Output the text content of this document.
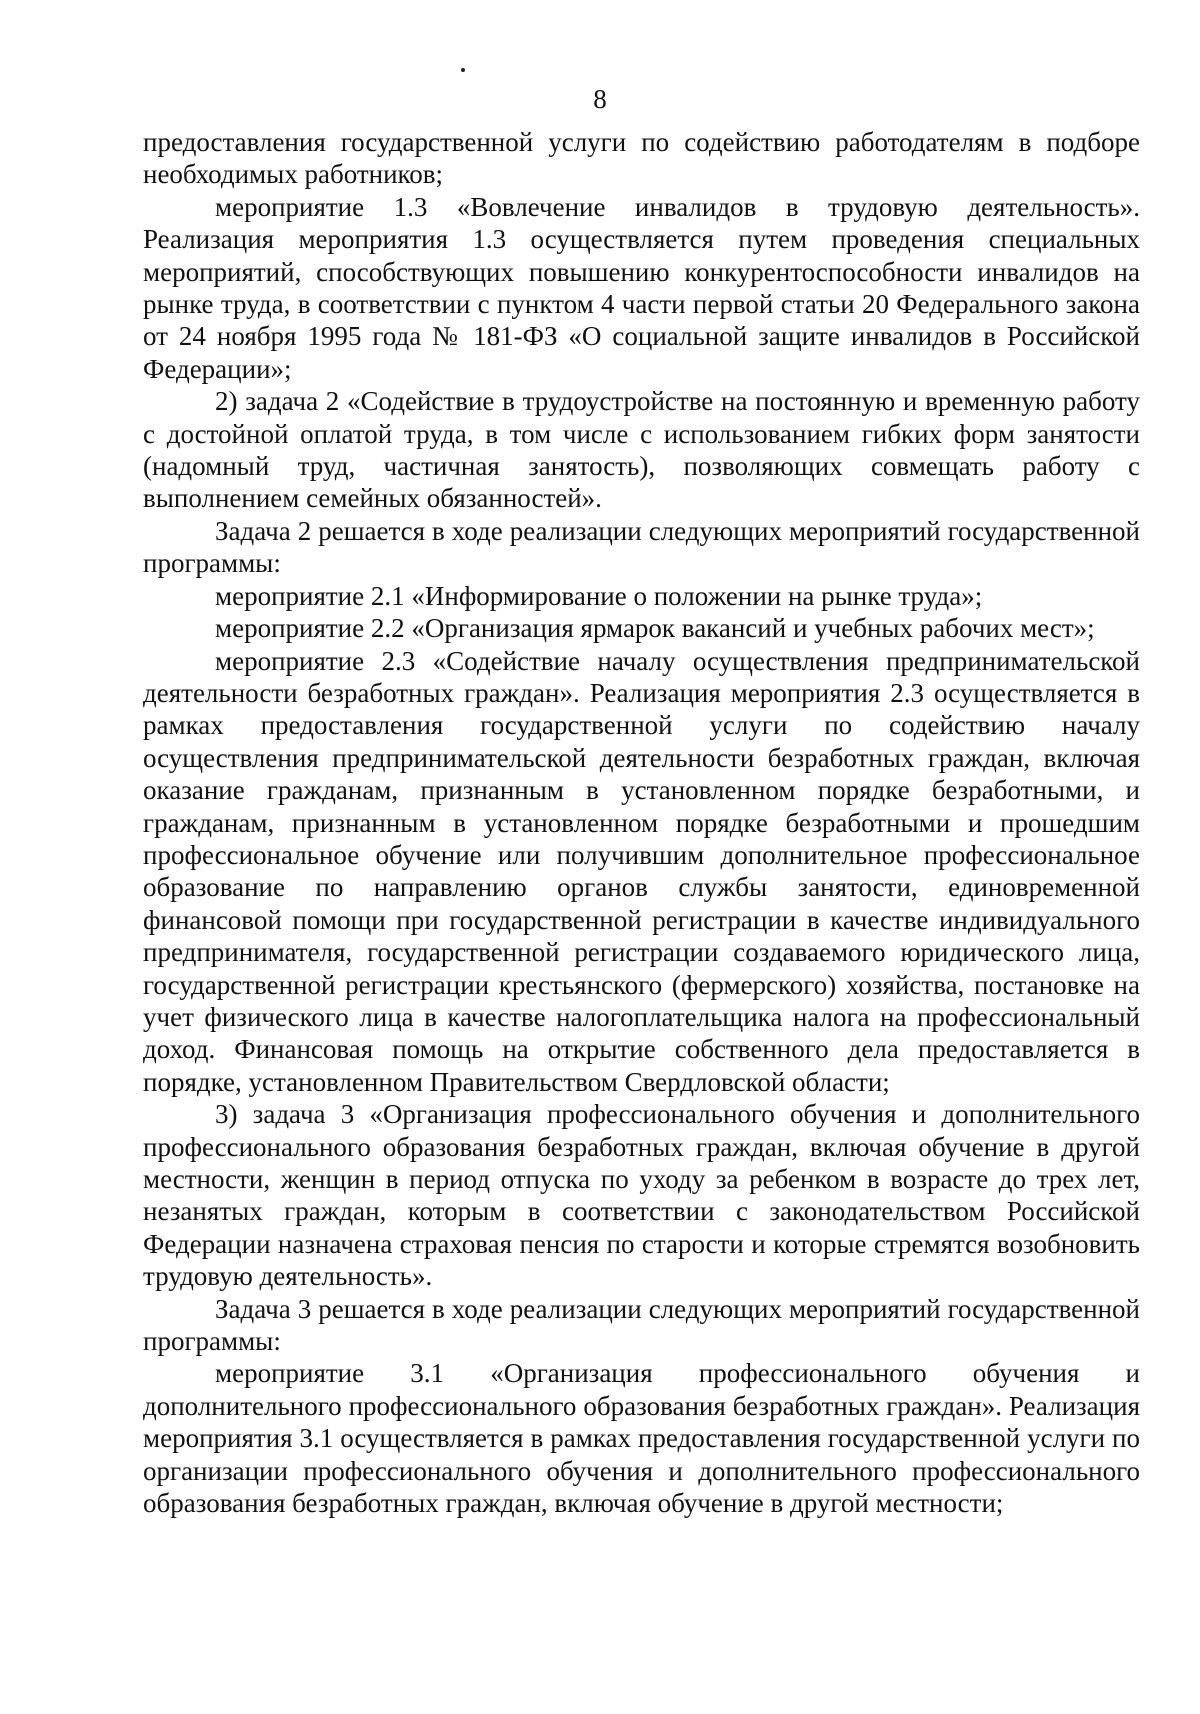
8

предоставления государственной услуги по содействию работодателям в подборе необходимых работников;

мероприятие 1.3 «Вовлечение инвалидов в трудовую деятельность». Реализация мероприятия 1.3 осуществляется путем проведения специальных мероприятий, способствующих повышению конкурентоспособности инвалидов на рынке труда, в соответствии с пунктом 4 части первой статьи 20 Федерального закона от 24 ноября 1995 года № 181-ФЗ «О социальной защите инвалидов в Российской Федерации»;

2) задача 2 «Содействие в трудоустройстве на постоянную и временную работу с достойной оплатой труда, в том числе с использованием гибких форм занятости (надомный труд, частичная занятость), позволяющих совмещать работу с выполнением семейных обязанностей».

Задача 2 решается в ходе реализации следующих мероприятий государственной программы:

мероприятие 2.1 «Информирование о положении на рынке труда»;

мероприятие 2.2 «Организация ярмарок вакансий и учебных рабочих мест»;

мероприятие 2.3 «Содействие началу осуществления предпринимательской деятельности безработных граждан». Реализация мероприятия 2.3 осуществляется в рамках предоставления государственной услуги по содействию началу осуществления предпринимательской деятельности безработных граждан, включая оказание гражданам, признанным в установленном порядке безработными, и гражданам, признанным в установленном порядке безработными и прошедшим профессиональное обучение или получившим дополнительное профессиональное образование по направлению органов службы занятости, единовременной финансовой помощи при государственной регистрации в качестве индивидуального предпринимателя, государственной регистрации создаваемого юридического лица, государственной регистрации крестьянского (фермерского) хозяйства, постановке на учет физического лица в качестве налогоплательщика налога на профессиональный доход. Финансовая помощь на открытие собственного дела предоставляется в порядке, установленном Правительством Свердловской области;

3) задача 3 «Организация профессионального обучения и дополнительного профессионального образования безработных граждан, включая обучение в другой местности, женщин в период отпуска по уходу за ребенком в возрасте до трех лет, незанятых граждан, которым в соответствии с законодательством Российской Федерации назначена страховая пенсия по старости и которые стремятся возобновить трудовую деятельность».

Задача 3 решается в ходе реализации следующих мероприятий государственной программы:

мероприятие 3.1 «Организация профессионального обучения и дополнительного профессионального образования безработных граждан». Реализация мероприятия 3.1 осуществляется в рамках предоставления государственной услуги по организации профессионального обучения и дополнительного профессионального образования безработных граждан, включая обучение в другой местности;
